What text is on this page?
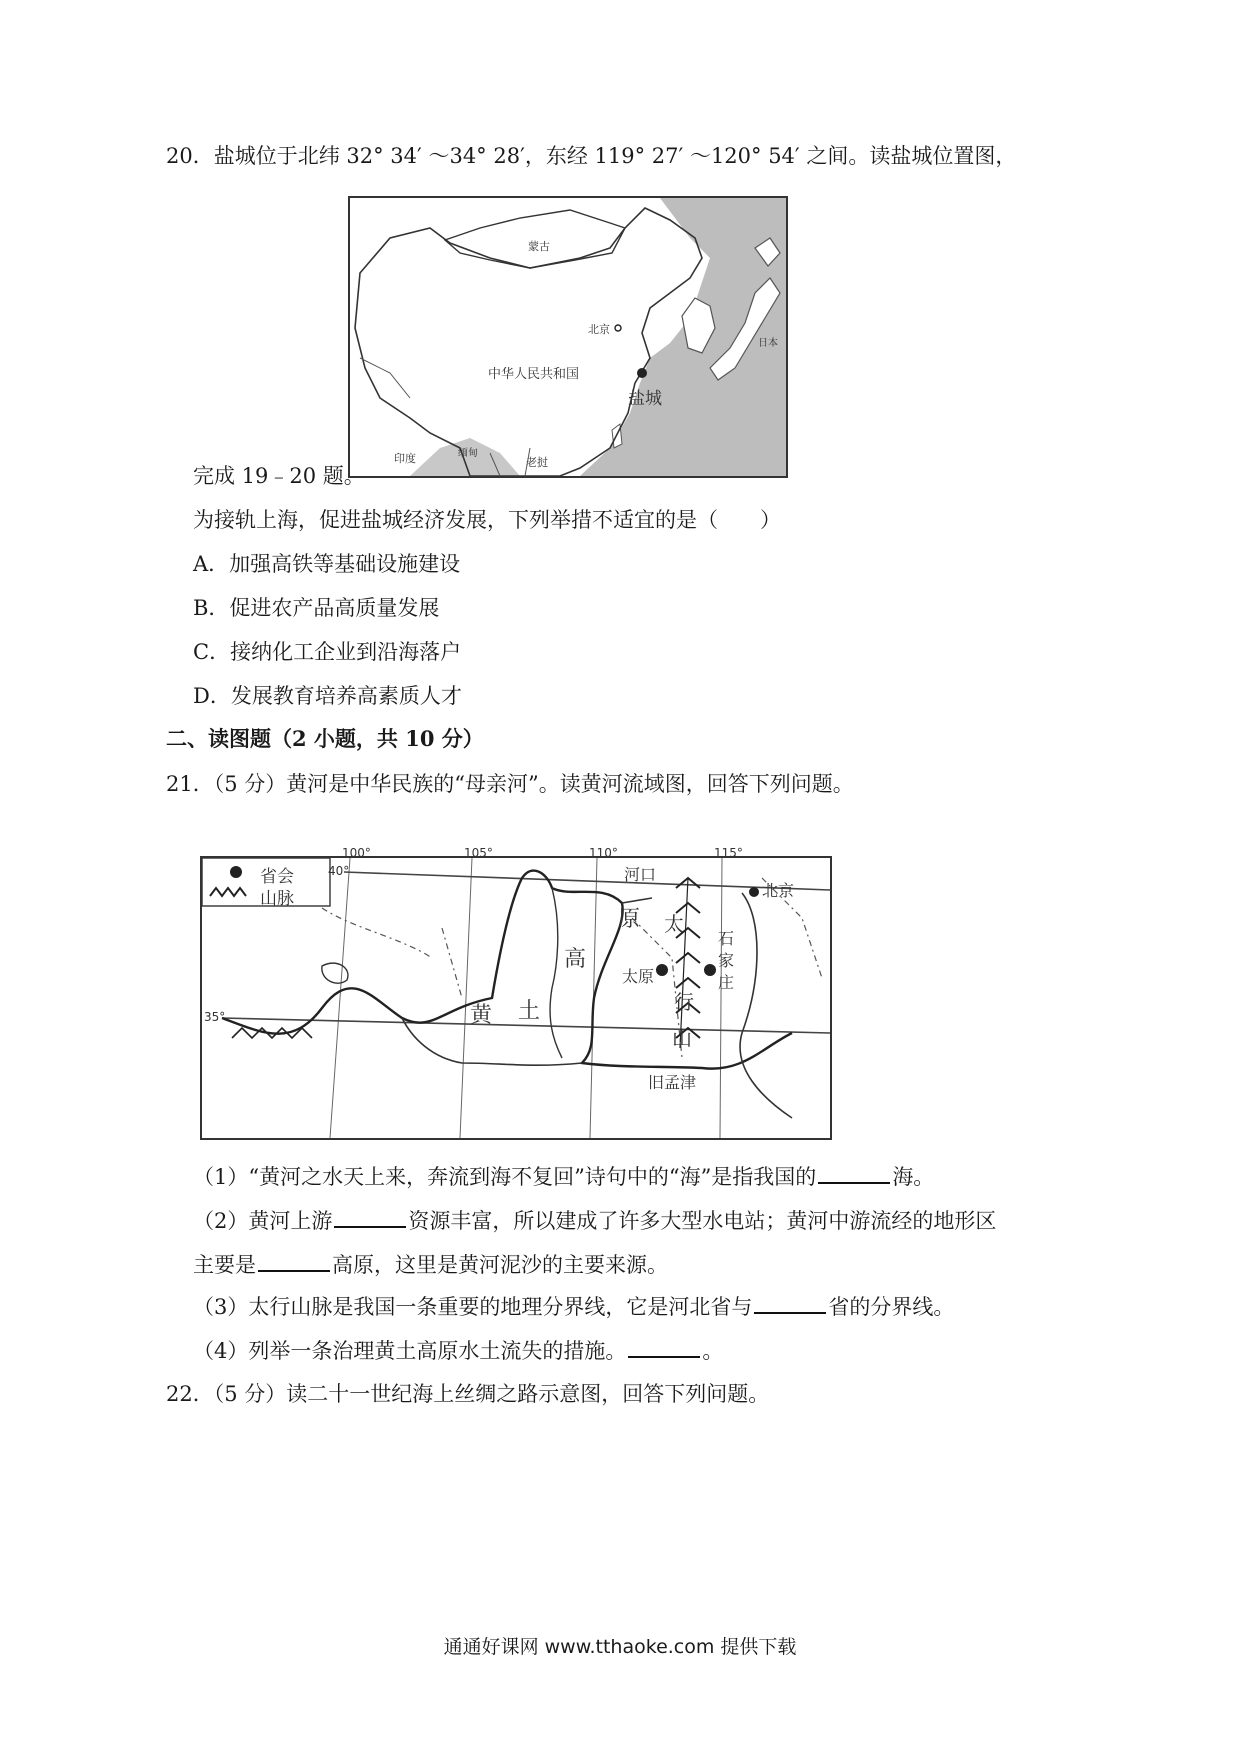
20．盐城位于北纬 32° 34′ ～34° 28′，东经 119° 27′ ～120° 54′ 之间。读盐城位置图，
蒙古
北京
中华人民共和国
盐城
日本
印度	缅甸
老挝
完成 19﹣20 题。
为接轨上海，促进盐城经济发展，下列举措不适宜的是（　　）
A．加强高铁等基础设施建设
B．促进农产品高质量发展
C．接纳化工企业到沿海落户
D．发展教育培养高素质人才
二、读图题（2 小题，共 10 分）
21．（5 分）黄河是中华民族的“母亲河”。读黄河流域图，回答下列问题。
省会
山脉
100°	105°	110°	115°
40°
35°
河口
北京
太原
石家庄
旧孟津
黄 土
高
原 太
行
山
（1）“黄河之水天上来，奔流到海不复回”诗句中的“海”是指我国的	海。
（2）黄河上游	资源丰富，所以建成了许多大型水电站；黄河中游流经的地形区
主要是	高原，这里是黄河泥沙的主要来源。
（3）太行山脉是我国一条重要的地理分界线，它是河北省与	省的分界线。
（4）列举一条治理黄土高原水土流失的措施。	。
22．（5 分）读二十一世纪海上丝绸之路示意图，回答下列问题。
通通好课网 www.tthaoke.com 提供下载
